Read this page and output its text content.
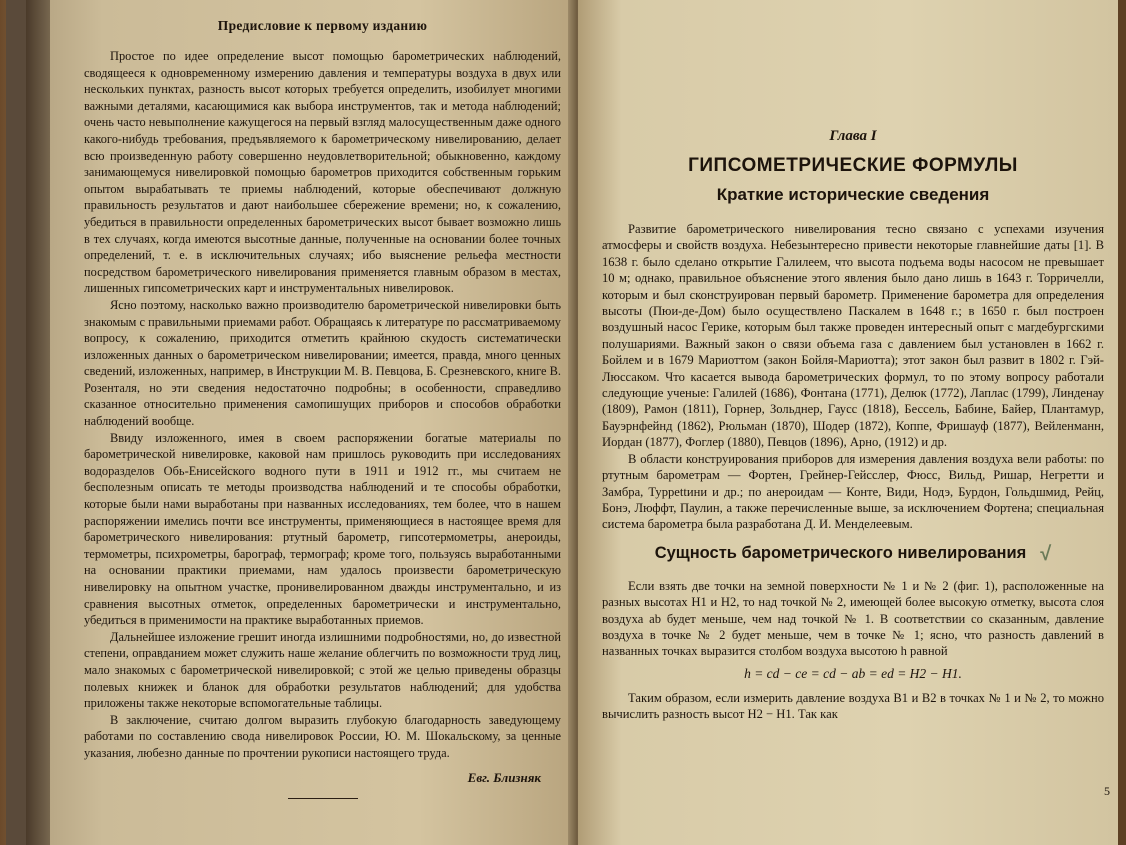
Предисловие к первому изданию

Простое по идее определение высот помощью барометрических наблюдений, сводящееся к одновременному измерению давления и температуры воздуха в двух или нескольких пунктах, разность высот которых требуется определить, изобилует многими важными деталями, касающимися как выбора инструментов, так и метода наблюдений; очень часто невыполнение кажущегося на первый взгляд малосущественным даже одного какого-нибудь требования, предъявляемого к барометрическому нивелированию, делает всю произведенную работу совершенно неудовлетворительной; обыкновенно, каждому занимающемуся нивелировкой помощью барометров приходится собственным горьким опытом вырабатывать те приемы наблюдений, которые обеспечивают должную правильность результатов и дают наибольшее сбережение времени; но, к сожалению, убедиться в правильности определенных барометрических высот бывает возможно лишь в тех случаях, когда имеются высотные данные, полученные на основании более точных определений, т. е. в исключительных случаях; ибо выяснение рельефа местности посредством барометрического нивелирования применяется главным образом в местах, лишенных гипсометрических карт и инструментальных нивелировок.

Ясно поэтому, насколько важно производителю барометрической нивелировки быть знакомым с правильными приемами работ. Обращаясь к литературе по рассматриваемому вопросу, к сожалению, приходится отметить крайнюю скудость систематически изложенных данных о барометрическом нивелировании; имеется, правда, много ценных сведений, изложенных, например, в Инструкции М. В. Певцова, Б. Срезневского, книге В. Розенталя, но эти сведения недостаточно подробны; в особенности, справедливо сказанное относительно применения самопишущих приборов и способов обработки наблюдений вообще.

Ввиду изложенного, имея в своем распоряжении богатые материалы по барометрической нивелировке, каковой нам пришлось руководить при исследованиях водоразделов Обь-Енисейского водного пути в 1911 и 1912 гг., мы считаем не бесполезным описать те методы производства наблюдений и те способы обработки, которые были нами выработаны при названных исследованиях, тем более, что в нашем распоряжении имелись почти все инструменты, применяющиеся в настоящее время для барометрического нивелирования: ртутный барометр, гипсотермометры, анероиды, термометры, психрометры, барограф, термограф; кроме того, пользуясь выработанными на основании практики приемами, нам удалось произвести барометрическую нивелировку на опытном участке, пронивелированном дважды инструментально, и из сравнения высотных отметок, определенных барометрически и инструментально, убедиться в применимости на практике выработанных приемов.

Дальнейшее изложение грешит иногда излишними подробностями, но, до известной степени, оправданием может служить наше желание облегчить по возможности труд лиц, мало знакомых с барометрической нивелировкой; с этой же целью приведены образцы полевых книжек и бланок для обработки результатов наблюдений; для удобства приложены также некоторые вспомогательные таблицы.

В заключение, считаю долгом выразить глубокую благодарность заведующему работами по составлению свода нивелировок России, Ю. М. Шокальскому, за ценные указания, любезно данные по прочтении рукописи настоящего труда.

Евг. Близняк
Глава I
ГИПСОМЕТРИЧЕСКИЕ ФОРМУЛЫ
Краткие исторические сведения

Развитие барометрического нивелирования тесно связано с успехами изучения атмосферы и свойств воздуха. Небезынтересно привести некоторые главнейшие даты [1]. В 1638 г. было сделано открытие Галилеем, что высота подъема воды насосом не превышает 10 м; однако, правильное объяснение этого явления было дано лишь в 1643 г. Торричелли, которым и был сконструирован первый барометр. Применение барометра для определения высоты (Пюи-де-Дом) было осуществлено Паскалем в 1648 г.; в 1650 г. был построен воздушный насос Герике, которым был также проведен интересный опыт с магдебургскими полушариями. Важный закон о связи объема газа с давлением был установлен в 1662 г. Бойлем и в 1679 Мариоттом (закон Бойля-Мариотта); этот закон был развит в 1802 г. Гэй-Люссаком. Что касается вывода барометрических формул, то по этому вопросу работали следующие ученые: Галилей (1686), Фонтана (1771), Делюк (1772), Лаплас (1799), Линденау (1809), Рамон (1811), Горнер, Зольднер, Гаусс (1818), Бессель, Бабине, Байер, Плантамур, Бауэрнфейнд (1862), Рюльман (1870), Шодер (1872), Коппе, Фришауф (1877), Вейленманн, Иордан (1877), Фоглер (1880), Певцов (1896), Арно, (1912) и др.

В области конструирования приборов для измерения давления воздуха вели работы: по ртутным барометрам — Фортен, Грейнер-Гейсслер, Фюсс, Вильд, Ришар, Негретти и Замбра, Туррettини и др.; по анероидам — Конте, Види, Нодэ, Бурдон, Гольдшмид, Рейц, Бонэ, Люффт, Паулин, а также перечисленные выше, за исключением Фортена; специальная система барометра была разработана Д. И. Менделеевым.

Сущность барометрического нивелирования √

Если взять две точки на земной поверхности № 1 и № 2 (фиг. 1), расположенные на разных высотах H1 и H2, то над точкой № 2, имеющей более высокую отметку, высота слоя воздуха ab будет меньше, чем над точкой № 1. В соответствии со сказанным, давление воздуха в точке № 2 будет меньше, чем в точке № 1; ясно, что разность давлений в названных точках выразится столбом воздуха высотою h равной

h = cd − ce = cd − ab = ed = H2 − H1.

Таким образом, если измерить давление воздуха B1 и B2 в точках № 1 и № 2, то можно вычислить разность высот H2 − H1. Так как

5
